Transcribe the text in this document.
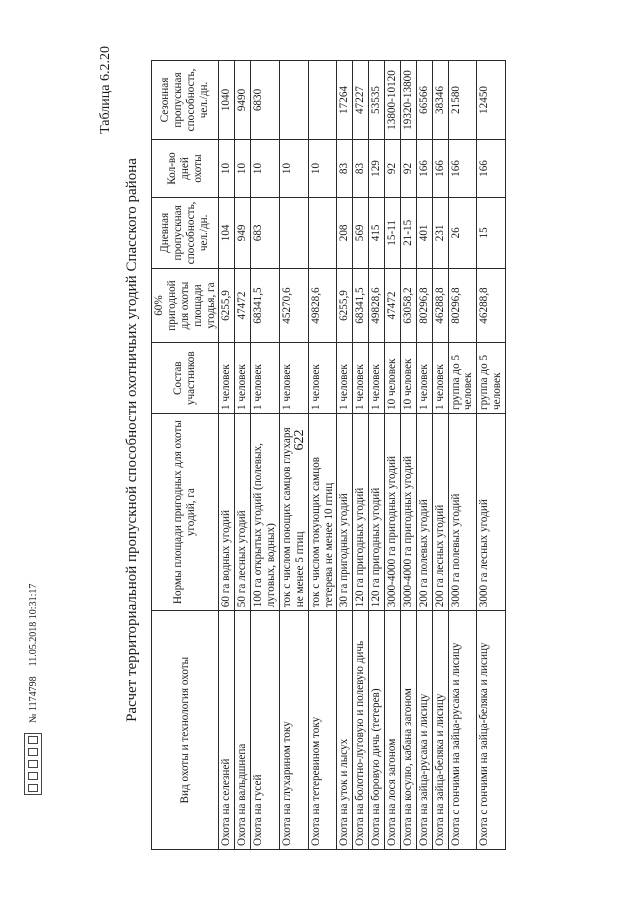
622
Таблица 6.2.20
Расчет территориальной пропускной способности охотничьих угодий Спасского района
Вид охоты и технология охоты	Нормы площади пригодных для охоты угодий, га	Состав участников	60% пригодной для охоты площади угодья, га	Дневная пропускная способность, чел./дн.	Кол-во дней охоты	Сезонная пропускная способность, чел./дн.
Охота на селезней	60 га водных угодий	1 человек	6255,9	104	10	1040
Охота на вальдшнепа	50 га лесных угодий	1 человек	47472	949	10	9490
Охота на гусей	100 га открытых угодий (полевых, луговых, водных)	1 человек	68341,5	683	10	6830
Охота на глухарином току	ток с числом поющих самцов глухаря не менее 5 птиц	1 человек	45270,6		10	
Охота на тетеревином току	ток с числом токующих самцов тетерева не менее 10 птиц	1 человек	49828,6		10	
Охота на уток и лысух	30 га пригодных угодий	1 человек	6255,9	208	83	17264
Охота на болотно-луговую и полевую дичь	120 га пригодных угодий	1 человек	68341,5	569	83	47227
Охота на боровую дичь (тетерев)	120 га пригодных угодий	1 человек	49828,6	415	129	53535
Охота на лося загоном	3000-4000 га пригодных угодий	10 человек	47472	15-11	92	13800-10120
Охота на косулю, кабана загоном	3000-4000 га пригодных угодий	10 человек	63058,2	21-15	92	19320-13800
Охота на зайца-русака и лисицу	200 га полевых угодий	1 человек	80296,8	401	166	66566
Охота на зайца-беляка и лисицу	200 га лесных угодий	1 человек	46288,8	231	166	38346
Охота с гончими на зайца-русака и лисицу	3000 га полевых угодий	группа до 5 человек	80296,8	26	166	21580
Охота с гончими на зайца-беляка и лисицу	3000 га лесных угодий	группа до 5 человек	46288,8	15	166	12450
№ 1174798
11.05.2018 10:31:17
